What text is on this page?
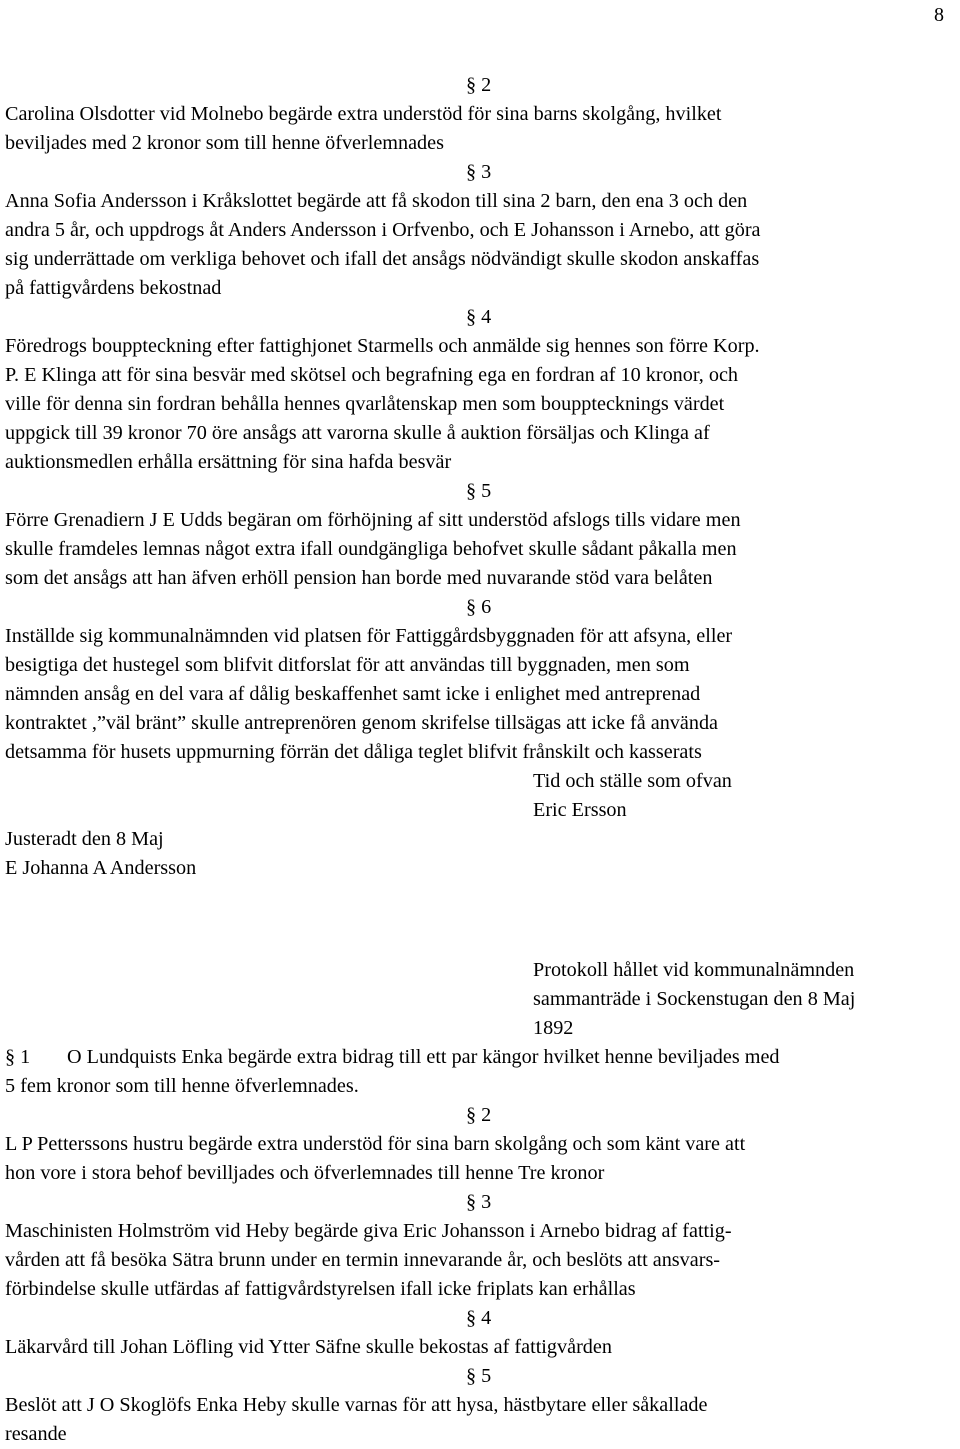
8
§ 2
Carolina Olsdotter vid Molnebo begärde extra understöd för sina barns skolgång, hvilket
beviljades med 2 kronor som till henne öfverlemnades
§ 3
Anna Sofia Andersson i Kråkslottet begärde att få skodon till sina 2 barn, den ena 3 och den
andra 5 år, och uppdrogs åt Anders Andersson i Orfvenbo, och E Johansson i Arnebo, att göra
sig underrättade om verkliga behovet och ifall det ansågs nödvändigt skulle skodon anskaffas
på fattigvårdens bekostnad
§ 4
Föredrogs bouppteckning efter fattighjonet Starmells och anmälde sig hennes son förre Korp.
P. E Klinga att för sina besvär med skötsel och begrafning ega en fordran af 10 kronor, och
ville för denna sin fordran behålla hennes qvarlåtenskap men som boupptecknings värdet
uppgick till 39 kronor 70 öre ansågs att varorna skulle å auktion försäljas och Klinga af
auktionsmedlen erhålla ersättning för sina hafda besvär
§ 5
Förre Grenadiern J E Udds begäran om förhöjning af sitt understöd afslogs tills vidare men
skulle framdeles lemnas något extra ifall oundgängliga behofvet skulle sådant påkalla men
som det ansågs att han äfven erhöll pension han borde med nuvarande stöd vara belåten
§ 6
Inställde sig kommunalnämnden vid platsen för Fattiggårdsbyggnaden för att afsyna, eller
besigtiga det hustegel som blifvit ditforslat för att användas till byggnaden, men som
nämnden ansåg en del vara af dålig beskaffenhet samt icke i enlighet med antreprenad
kontraktet ,”väl bränt” skulle antreprenören genom skrifelse tillsägas att icke få använda
detsamma för husets uppmurning förrän det dåliga teglet blifvit frånskilt och kasserats
Tid och ställe som ofvan
Eric Ersson
Justeradt den 8 Maj
E Johanna A Andersson
Protokoll hållet vid kommunalnämnden
sammanträde i Sockenstugan den 8 Maj
1892
§ 1 O Lundquists Enka begärde extra bidrag till ett par kängor hvilket henne beviljades med
5 fem kronor som till henne öfverlemnades.
§ 2
L P Petterssons hustru begärde extra understöd för sina barn skolgång och som känt vare att
hon vore i stora behof bevilljades och öfverlemnades till henne Tre kronor
§ 3
Maschinisten Holmström vid Heby begärde giva Eric Johansson i Arnebo bidrag af fattig-
vården att få besöka Sätra brunn under en termin innevarande år, och beslöts att ansvars-
förbindelse skulle utfärdas af fattigvårdstyrelsen ifall icke friplats kan erhållas
§ 4
Läkarvård till Johan Löfling vid Ytter Säfne skulle bekostas af fattigvården
§ 5
Beslöt att J O Skoglöfs Enka Heby skulle varnas för att hysa, hästbytare eller såkallade
resande
